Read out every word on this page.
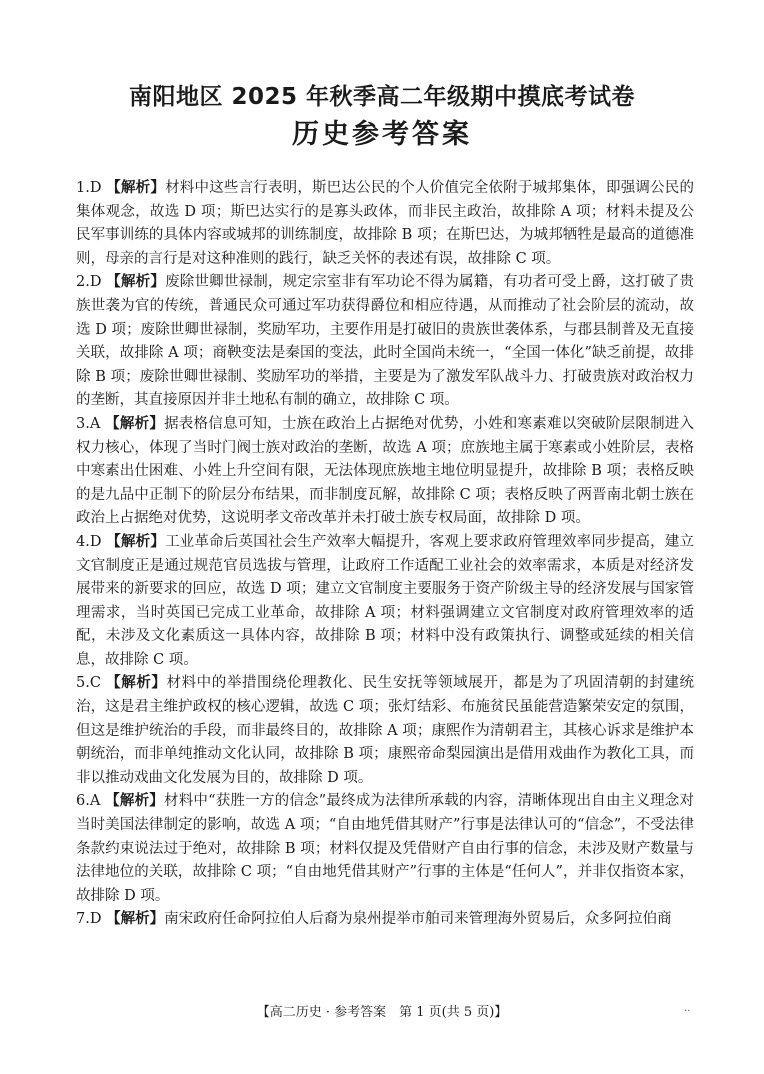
南阳地区 2025 年秋季高二年级期中摸底考试卷
历史参考答案
1.D 【解析】材料中这些言行表明，斯巴达公民的个人价值完全依附于城邦集体，即强调公民的集体观念，故选 D 项；斯巴达实行的是寡头政体，而非民主政治，故排除 A 项；材料未提及公民军事训练的具体内容或城邦的训练制度，故排除 B 项；在斯巴达，为城邦牺牲是最高的道德准则，母亲的言行是对这种准则的践行，缺乏关怀的表述有误，故排除 C 项。
2.D 【解析】废除世卿世禄制，规定宗室非有军功论不得为属籍，有功者可受上爵，这打破了贵族世袭为官的传统，普通民众可通过军功获得爵位和相应待遇，从而推动了社会阶层的流动，故选 D 项；废除世卿世禄制，奖励军功，主要作用是打破旧的贵族世袭体系，与郡县制普及无直接关联，故排除 A 项；商鞅变法是秦国的变法，此时全国尚未统一，“全国一体化”缺乏前提，故排除 B 项；废除世卿世禄制、奖励军功的举措，主要是为了激发军队战斗力、打破贵族对政治权力的垄断，其直接原因并非土地私有制的确立，故排除 C 项。
3.A 【解析】据表格信息可知，士族在政治上占据绝对优势，小姓和寒素难以突破阶层限制进入权力核心，体现了当时门阀士族对政治的垄断，故选 A 项；庶族地主属于寒素或小姓阶层，表格中寒素出仕困难、小姓上升空间有限，无法体现庶族地主地位明显提升，故排除 B 项；表格反映的是九品中正制下的阶层分布结果，而非制度瓦解，故排除 C 项；表格反映了两晋南北朝士族在政治上占据绝对优势，这说明孝文帝改革并未打破士族专权局面，故排除 D 项。
4.D 【解析】工业革命后英国社会生产效率大幅提升，客观上要求政府管理效率同步提高，建立文官制度正是通过规范官员选拔与管理，让政府工作适配工业社会的效率需求，本质是对经济发展带来的新要求的回应，故选 D 项；建立文官制度主要服务于资产阶级主导的经济发展与国家管理需求，当时英国已完成工业革命，故排除 A 项；材料强调建立文官制度对政府管理效率的适配，未涉及文化素质这一具体内容，故排除 B 项；材料中没有政策执行、调整或延续的相关信息，故排除 C 项。
5.C 【解析】材料中的举措围绕伦理教化、民生安抚等领域展开，都是为了巩固清朝的封建统治，这是君主维护政权的核心逻辑，故选 C 项；张灯结彩、布施贫民虽能营造繁荣安定的氛围，但这是维护统治的手段，而非最终目的，故排除 A 项；康熙作为清朝君主，其核心诉求是维护本朝统治，而非单纯推动文化认同，故排除 B 项；康熙帝命梨园演出是借用戏曲作为教化工具，而非以推动戏曲文化发展为目的，故排除 D 项。
6.A 【解析】材料中“获胜一方的信念”最终成为法律所承载的内容，清晰体现出自由主义理念对当时美国法律制定的影响，故选 A 项；“自由地凭借其财产”行事是法律认可的“信念”，不受法律条款约束说法过于绝对，故排除 B 项；材料仅提及凭借财产自由行事的信念，未涉及财产数量与法律地位的关联，故排除 C 项；“自由地凭借其财产”行事的主体是“任何人”，并非仅指资本家，故排除 D 项。
7.D 【解析】南宋政府任命阿拉伯人后裔为泉州提举市舶司来管理海外贸易后，众多阿拉伯商
【高二历史 · 参考答案　第 1 页(共 5 页)】	··
